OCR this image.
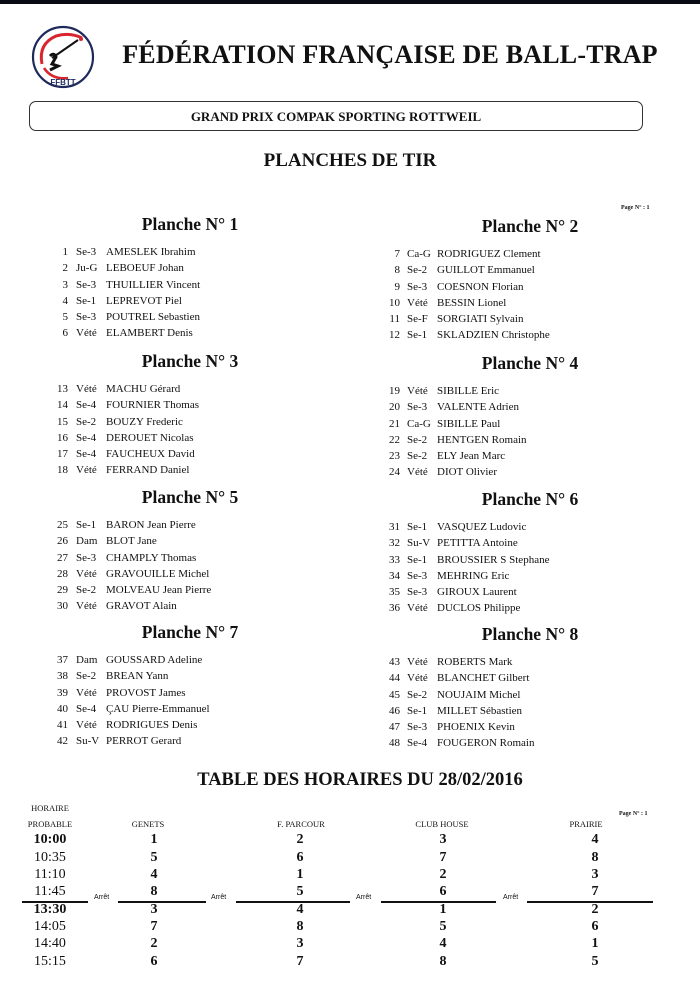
FFBTT
FÉDÉRATION FRANÇAISE DE BALL-TRAP
GRAND PRIX COMPAK SPORTING ROTTWEIL
PLANCHES DE TIR
Page N° : 1
Planche N° 1
1 Se-3 AMESLEK Ibrahim
2 Ju-G LEBOEUF Johan
3 Se-3 THUILLIER Vincent
4 Se-1 LEPREVOT Piel
5 Se-3 POUTREL Sebastien
6 Vété ELAMBERT Denis
Planche N° 2
7 Ca-G RODRIGUEZ Clement
8 Se-2 GUILLOT Emmanuel
9 Se-3 COESNON Florian
10 Vété BESSIN Lionel
11 Se-F SORGIATI Sylvain
12 Se-1 SKLADZIEN Christophe
Planche N° 3
13 Vété MACHU Gérard
14 Se-4 FOURNIER Thomas
15 Se-2 BOUZY Frederic
16 Se-4 DEROUET Nicolas
17 Se-4 FAUCHEUX David
18 Vété FERRAND Daniel
Planche N° 4
19 Vété SIBILLE Eric
20 Se-3 VALENTE Adrien
21 Ca-G SIBILLE Paul
22 Se-2 HENTGEN Romain
23 Se-2 ELY Jean Marc
24 Vété DIOT Olivier
Planche N° 5
25 Se-1 BARON Jean Pierre
26 Dam BLOT Jane
27 Se-3 CHAMPLY Thomas
28 Vété GRAVOUILLE Michel
29 Se-2 MOLVEAU Jean Pierre
30 Vété GRAVOT Alain
Planche N° 6
31 Se-1 VASQUEZ Ludovic
32 Su-V PETITTA Antoine
33 Se-1 BROUSSIER S Stephane
34 Se-3 MEHRING Eric
35 Se-3 GIROUX Laurent
36 Vété DUCLOS Philippe
Planche N° 7
37 Dam GOUSSARD Adeline
38 Se-2 BREAN Yann
39 Vété PROVOST James
40 Se-4 ÇAU Pierre-Emmanuel
41 Vété RODRIGUES Denis
42 Su-V PERROT Gerard
Planche N° 8
43 Vété ROBERTS Mark
44 Vété BLANCHET Gilbert
45 Se-2 NOUJAIM Michel
46 Se-1 MILLET Sébastien
47 Se-3 PHOENIX Kevin
48 Se-4 FOUGERON Romain
TABLE DES HORAIRES DU 28/02/2016
Page N° : 1
HORAIRE
PROBABLE	GENETS	F. PARCOUR	CLUB HOUSE	PRAIRIE
10:00	1	2	3	4
10:35	5	6	7	8
11:10	4	1	2	3
11:45	8	5	6	7
13:30	3	4	1	2
14:05	7	8	5	6
14:40	2	3	4	1
15:15	6	7	8	5
Arrêt	Arrêt	Arrêt	Arrêt
